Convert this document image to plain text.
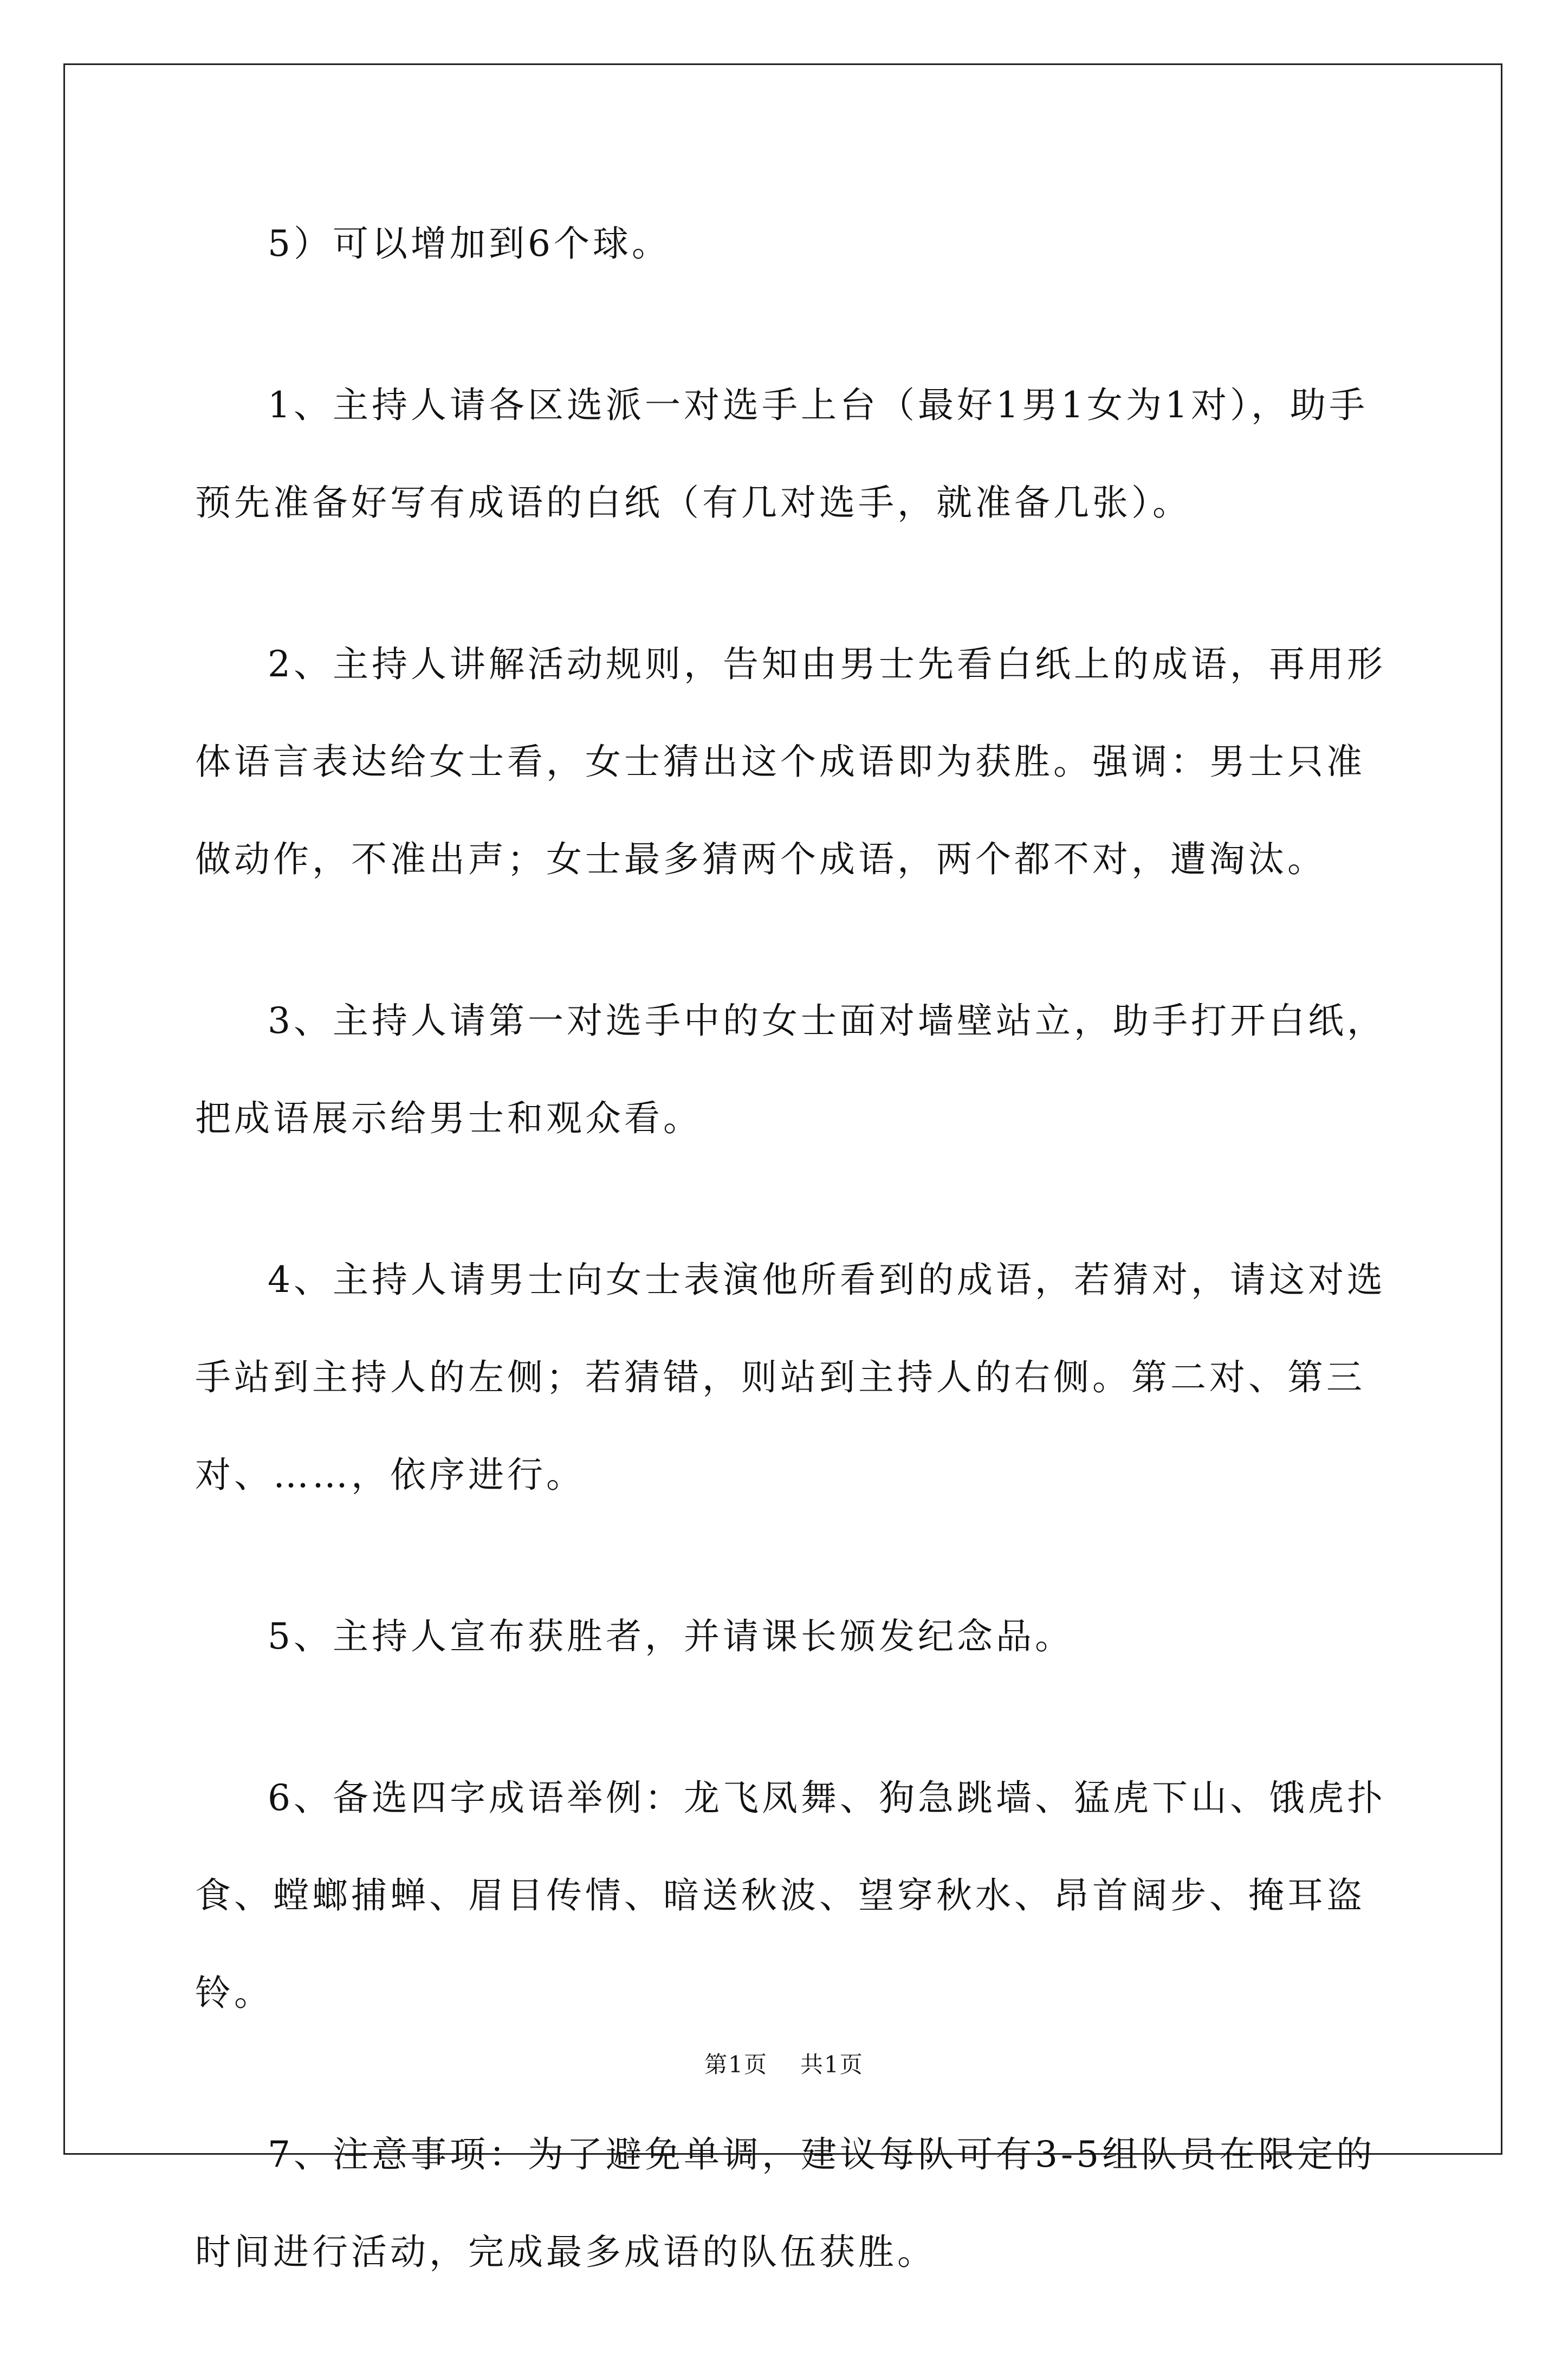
5）可以增加到6个球。

1、主持人请各区选派一对选手上台（最好1男1女为1对），助手预先准备好写有成语的白纸（有几对选手，就准备几张）。

2、主持人讲解活动规则，告知由男士先看白纸上的成语，再用形体语言表达给女士看，女士猜出这个成语即为获胜。强调：男士只准做动作，不准出声；女士最多猜两个成语，两个都不对，遭淘汰。

3、主持人请第一对选手中的女士面对墙壁站立，助手打开白纸，把成语展示给男士和观众看。

4、主持人请男士向女士表演他所看到的成语，若猜对，请这对选手站到主持人的左侧；若猜错，则站到主持人的右侧。第二对、第三对、……，依序进行。

5、主持人宣布获胜者，并请课长颁发纪念品。

6、备选四字成语举例：龙飞凤舞、狗急跳墙、猛虎下山、饿虎扑食、螳螂捕蝉、眉目传情、暗送秋波、望穿秋水、昂首阔步、掩耳盗铃。

7、注意事项：为了避免单调，建议每队可有3-5组队员在限定的时间进行活动，完成最多成语的队伍获胜。

第1页 共1页
